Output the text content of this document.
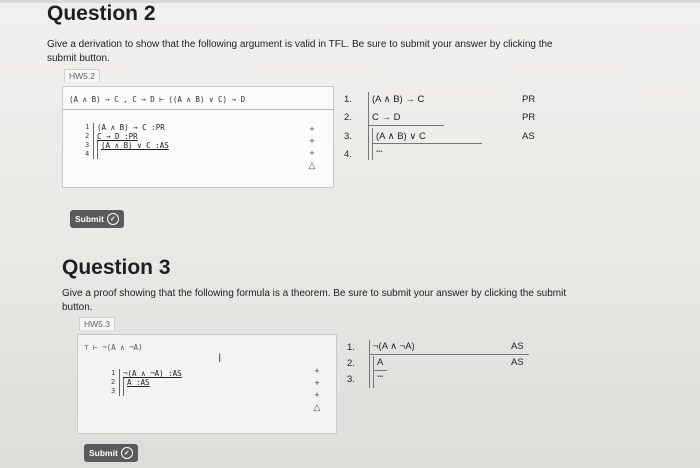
Question 2
Give a derivation to show that the following argument is valid in TFL. Be sure to submit your answer by clicking the
submit button.
HW5.2
(A ∧ B) → C , C → D ⊢ ((A ∧ B) ∨ C) → D
1
2
3
4
(A ∧ B) → C :PR
C → D :PR
(A ∧ B) ∨ C :AS
+
+
+
△
1.
2.
3.
4.
(A ∧ B) → C
C → D
(A ∧ B) ∨ C
▪▪▪
PR
PR
AS
Submit ✓
Question 3
Give a proof showing that the following formula is a theorem. Be sure to submit your answer by clicking the submit
button.
HW5.3
⊤ ⊢ ¬(A ∧ ¬A)
I
1
2
3
¬(A ∧ ¬A) :AS
A :AS
+
+
+
△
1.
2.
3.
¬(A ∧ ¬A)
A
▪▪▪
AS
AS
Submit ✓
